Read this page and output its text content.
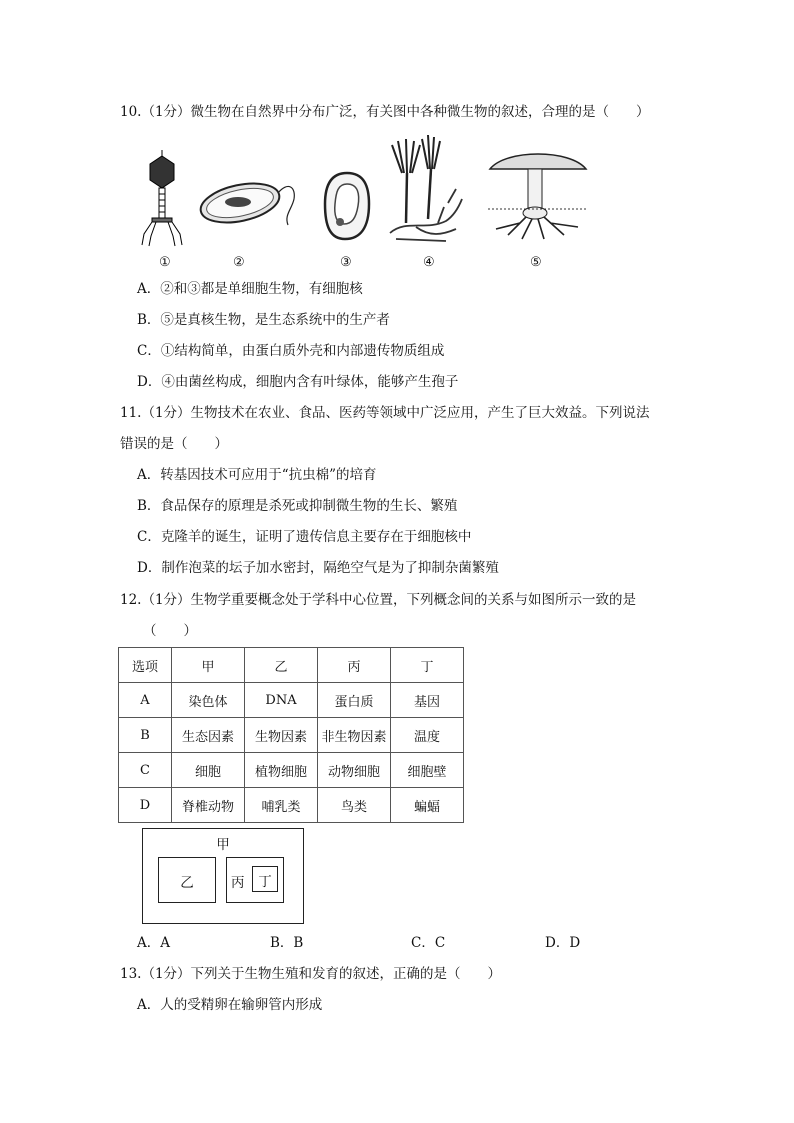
10.（1分）微生物在自然界中分布广泛，有关图中各种微生物的叙述，合理的是（　　）
①	②	③	④	⑤
A．②和③都是单细胞生物，有细胞核
B．⑤是真核生物，是生态系统中的生产者
C．①结构简单，由蛋白质外壳和内部遗传物质组成
D．④由菌丝构成，细胞内含有叶绿体，能够产生孢子
11.（1分）生物技术在农业、食品、医药等领域中广泛应用，产生了巨大效益。下列说法
错误的是（　　）
A．转基因技术可应用于“抗虫棉”的培育
B．食品保存的原理是杀死或抑制微生物的生长、繁殖
C．克隆羊的诞生，证明了遗传信息主要存在于细胞核中
D．制作泡菜的坛子加水密封，隔绝空气是为了抑制杂菌繁殖
12.（1分）生物学重要概念处于学科中心位置，下列概念间的关系与如图所示一致的是
（　　）
选项	甲	乙	丙	丁
A	染色体	DNA	蛋白质	基因
B	生态因素	生物因素	非生物因素	温度
C	细胞	植物细胞	动物细胞	细胞壁
D	脊椎动物	哺乳类	鸟类	蝙蝠
甲
乙	丙	丁
A．A	B．B	C．C	D．D
13.（1分）下列关于生物生殖和发育的叙述，正确的是（　　）
A．人的受精卵在输卵管内形成
